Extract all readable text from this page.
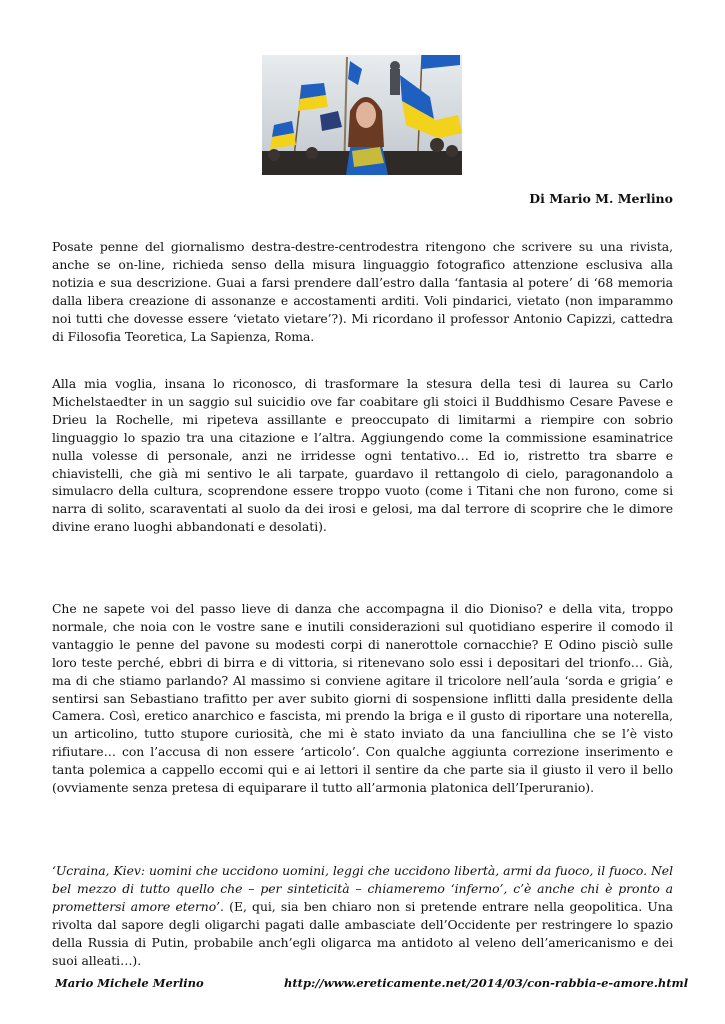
Di Mario M. Merlino

Posate penne del giornalismo destra-destre-centrodestra ritengono che scrivere su una rivista, anche se on-line, richieda senso della misura linguaggio fotografico attenzione esclusiva alla notizia e sua descrizione. Guai a farsi prendere dall’estro dalla ‘fantasia al potere’ di ‘68 memoria dalla libera creazione di assonanze e accostamenti arditi. Voli pindarici, vietato (non imparammo noi tutti che dovesse essere ‘vietato vietare’?). Mi ricordano il professor Antonio Capizzi, cattedra di Filosofia Teoretica, La Sapienza, Roma.

Alla mia voglia, insana lo riconosco, di trasformare la stesura della tesi di laurea su Carlo Michelstaedter in un saggio sul suicidio ove far coabitare gli stoici il Buddhismo Cesare Pavese e Drieu la Rochelle, mi ripeteva assillante e preoccupato di limitarmi a riempire con sobrio linguaggio lo spazio tra una citazione e l’altra. Aggiungendo come la commissione esaminatrice nulla volesse di personale, anzi ne irridesse ogni tentativo… Ed io, ristretto tra sbarre e chiavistelli, che già mi sentivo le ali tarpate, guardavo il rettangolo di cielo, paragonandolo a simulacro della cultura, scoprendone essere troppo vuoto (come i Titani che non furono, come si narra di solito, scaraventati al suolo da dei irosi e gelosi, ma dal terrore di scoprire che le dimore divine erano luoghi abbandonati e desolati).

Che ne sapete voi del passo lieve di danza che accompagna il dio Dioniso? e della vita, troppo normale, che noia con le vostre sane e inutili considerazioni sul quotidiano esperire il comodo il vantaggio le penne del pavone su modesti corpi di nanerottole cornacchie? E Odino pisciò sulle loro teste perché, ebbri di birra e di vittoria, si ritenevano solo essi i depositari del trionfo… Già, ma di che stiamo parlando? Al massimo si conviene agitare il tricolore nell’aula ‘sorda e grigia’ e sentirsi san Sebastiano trafitto per aver subito giorni di sospensione inflitti dalla presidente della Camera. Così, eretico anarchico e fascista, mi prendo la briga e il gusto di riportare una noterella, un articolino, tutto stupore curiosità, che mi è stato inviato da una fanciullina che se l’è visto rifiutare… con l’accusa di non essere ‘articolo’. Con qualche aggiunta correzione inserimento e tanta polemica a cappello eccomi qui e ai lettori il sentire da che parte sia il giusto il vero il bello (ovviamente senza pretesa di equiparare il tutto all’armonia platonica dell’Iperuranio).

‘Ucraina, Kiev: uomini che uccidono uomini, leggi che uccidono libertà, armi da fuoco, il fuoco. Nel bel mezzo di tutto quello che – per sinteticità – chiameremo ‘inferno’, c’è anche chi è pronto a promettersi amore eterno’. (E, qui, sia ben chiaro non si pretende entrare nella geopolitica. Una rivolta dal sapore degli oligarchi pagati dalle ambasciate dell’Occidente per restringere lo spazio della Russia di Putin, probabile anch’egli oligarca ma antidoto al veleno dell’americanismo e dei suoi alleati…).

Mario Michele Merlino	http://www.ereticamente.net/2014/03/con-rabbia-e-amore.html
